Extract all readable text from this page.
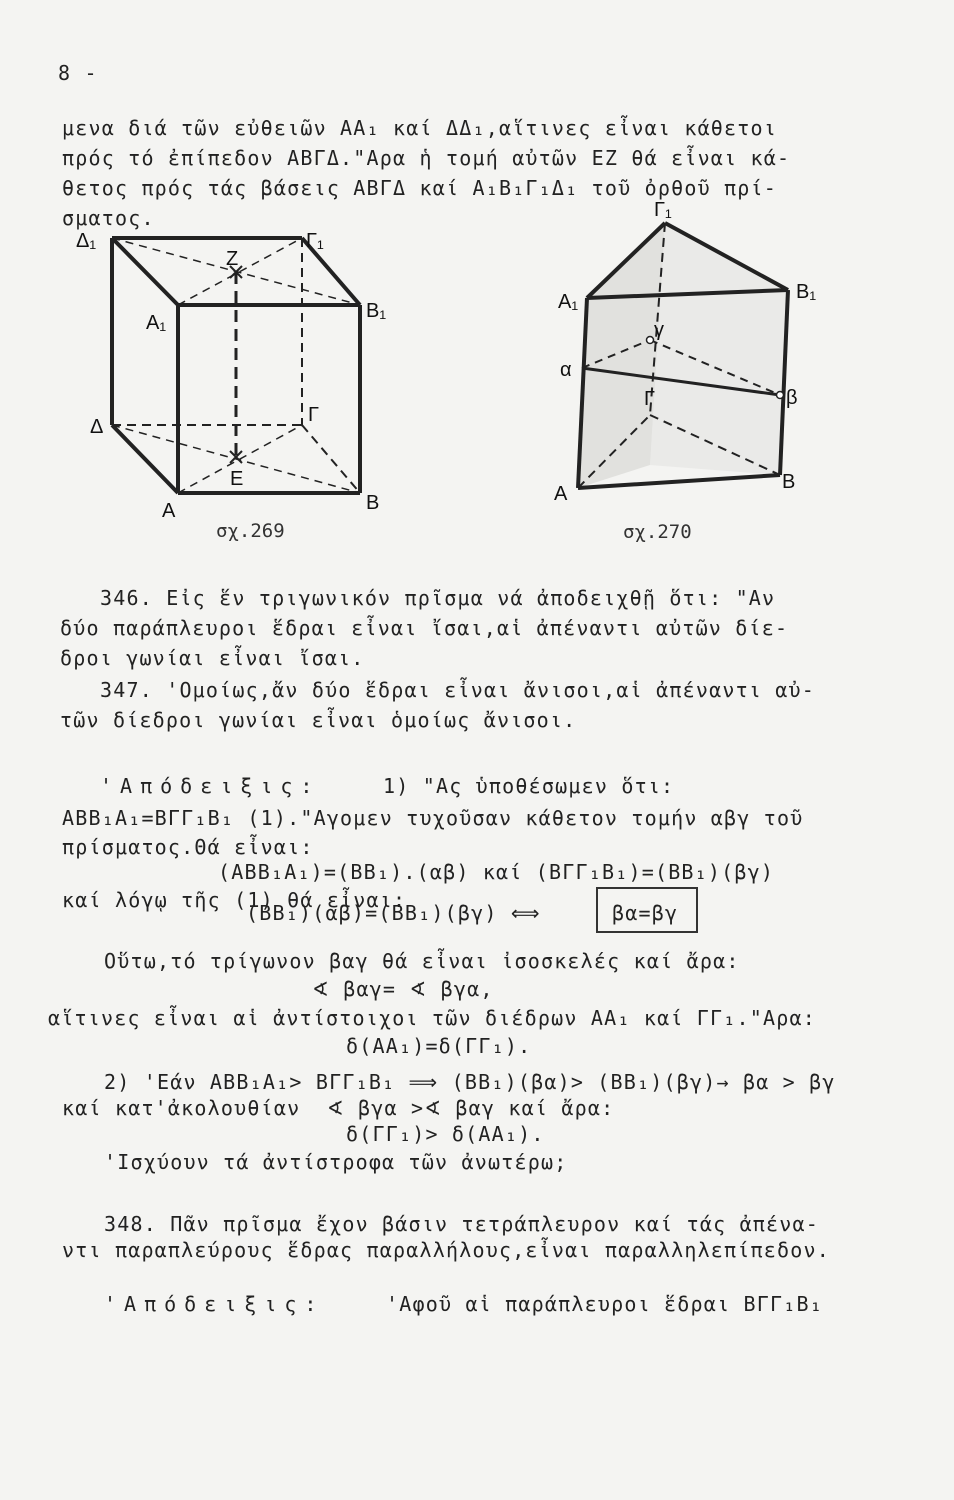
8 -
μενα διά τῶν εὐθειῶν ΑΑ₁ καί ΔΔ₁,αἵτινες εἶναι κάθετοι
πρός τό ἐπίπεδον ΑΒΓΔ."Αρα ἡ τομή αὐτῶν ΕΖ θά εἶναι κά-
θετος πρός τάς βάσεις ΑΒΓΔ καί Α₁Β₁Γ₁Δ₁ τοῦ ὀρθοῦ πρί-
σματος.
Δ₁	Γ₁
Α₁
Β₁
Ζ
Δ
Γ
Ε
Α	Β
σχ.269
Γ₁
Α₁	Β₁
γ
α
Γ	β
Α
Β
σχ.270
346. Εἰς ἕν τριγωνικόν πρῖσμα νά ἀποδειχθῇ ὅτι: "Αν
δύο παράπλευροι ἕδραι εἶναι ἴσαι,αἱ ἀπέναντι αὐτῶν δίε-
δροι γωνίαι εἶναι ἴσαι.
347. 'Ομοίως,ἄν δύο ἕδραι εἶναι ἄνισοι,αἱ ἀπέναντι αὐ-
τῶν δίεδροι γωνίαι εἶναι ὁμοίως ἄνισοι.
'Απόδειξις:	1) "Ας ὑποθέσωμεν ὅτι:
ΑΒΒ₁Α₁=ΒΓΓ₁Β₁ (1)."Αγομεν τυχοῦσαν κάθετον τομήν αβγ τοῦ
πρίσματος.Θά εἶναι:
(ΑΒΒ₁Α₁)=(ΒΒ₁).(αβ) καί (ΒΓΓ₁Β₁)=(ΒΒ₁)(βγ)
καί λόγῳ τῆς (1) θά εἶναι:
(ΒΒ₁)(αβ)=(ΒΒ₁)(βγ) ⟺	βα=βγ
Οὕτω,τό τρίγωνον βαγ θά εἶναι ἰσοσκελές καί ἄρα:
∢ βαγ= ∢ βγα,
αἵτινες εἶναι αἱ ἀντίστοιχοι τῶν διέδρων ΑΑ₁ καί ΓΓ₁."Αρα:
δ(ΑΑ₁)=δ(ΓΓ₁).
2) 'Εάν ΑΒΒ₁Α₁> ΒΓΓ₁Β₁ ⟹ (ΒΒ₁)(βα)> (ΒΒ₁)(βγ)→ βα > βγ
καί κατ'ἀκολουθίαν  ∢ βγα >∢ βαγ καί ἄρα:
δ(ΓΓ₁)> δ(ΑΑ₁).
'Ισχύουν τά ἀντίστροφα τῶν ἀνωτέρω;
348. Πᾶν πρῖσμα ἔχον βάσιν τετράπλευρον καί τάς ἀπένα-
ντι παραπλεύρους ἕδρας παραλλήλους,εἶναι παραλληλεπίπεδον.
'Απόδειξις:	'Αφοῦ αἱ παράπλευροι ἕδραι ΒΓΓ₁Β₁
